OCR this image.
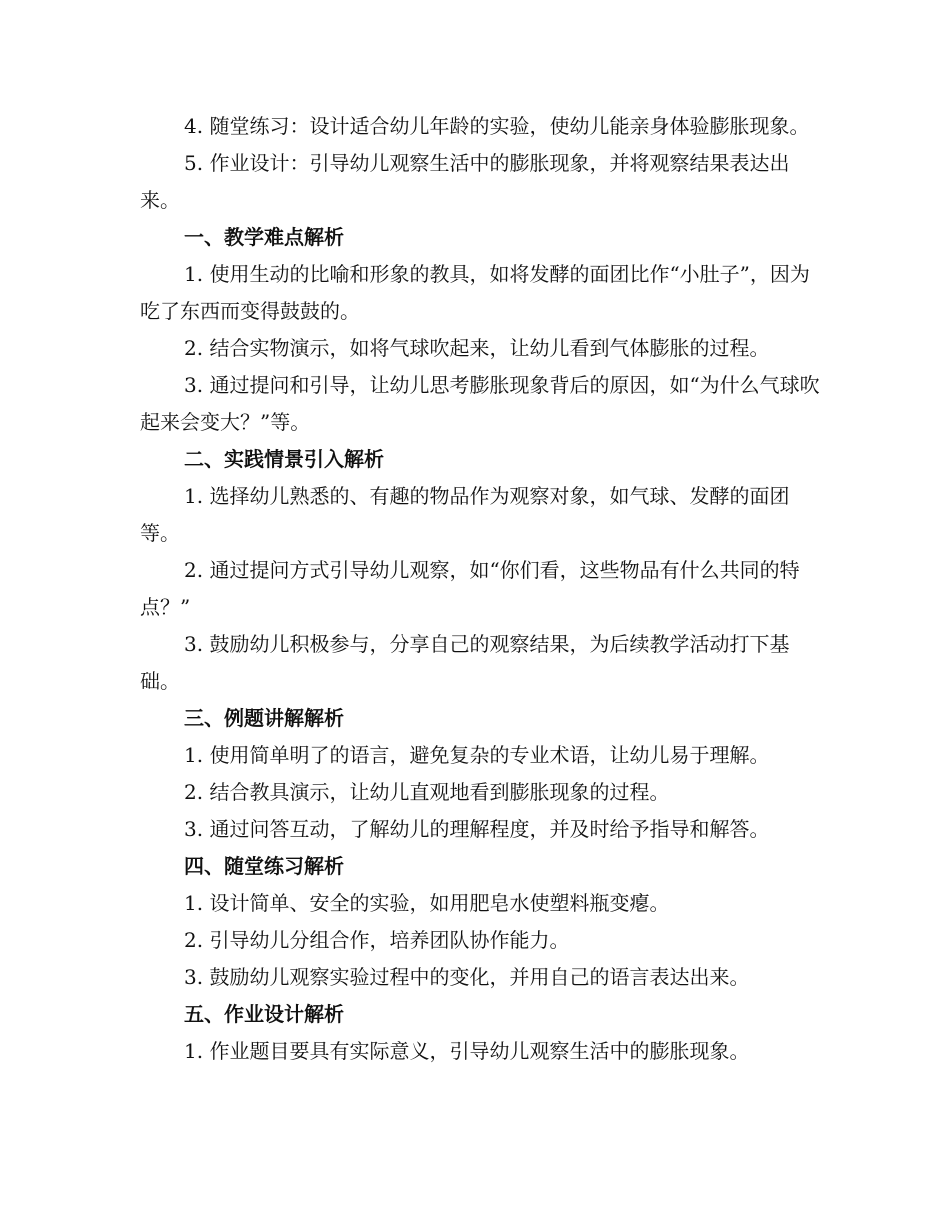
4. 随堂练习：设计适合幼儿年龄的实验，使幼儿能亲身体验膨胀现象。

5. 作业设计：引导幼儿观察生活中的膨胀现象，并将观察结果表达出来。

一、教学难点解析

1. 使用生动的比喻和形象的教具，如将发酵的面团比作“小肚子”，因为吃了东西而变得鼓鼓的。

2. 结合实物演示，如将气球吹起来，让幼儿看到气体膨胀的过程。

3. 通过提问和引导，让幼儿思考膨胀现象背后的原因，如“为什么气球吹起来会变大？”等。

二、实践情景引入解析

1. 选择幼儿熟悉的、有趣的物品作为观察对象，如气球、发酵的面团等。

2. 通过提问方式引导幼儿观察，如“你们看，这些物品有什么共同的特点？”

3. 鼓励幼儿积极参与，分享自己的观察结果，为后续教学活动打下基础。

三、例题讲解解析

1. 使用简单明了的语言，避免复杂的专业术语，让幼儿易于理解。

2. 结合教具演示，让幼儿直观地看到膨胀现象的过程。

3. 通过问答互动，了解幼儿的理解程度，并及时给予指导和解答。

四、随堂练习解析

1. 设计简单、安全的实验，如用肥皂水使塑料瓶变瘪。

2. 引导幼儿分组合作，培养团队协作能力。

3. 鼓励幼儿观察实验过程中的变化，并用自己的语言表达出来。

五、作业设计解析

1. 作业题目要具有实际意义，引导幼儿观察生活中的膨胀现象。
